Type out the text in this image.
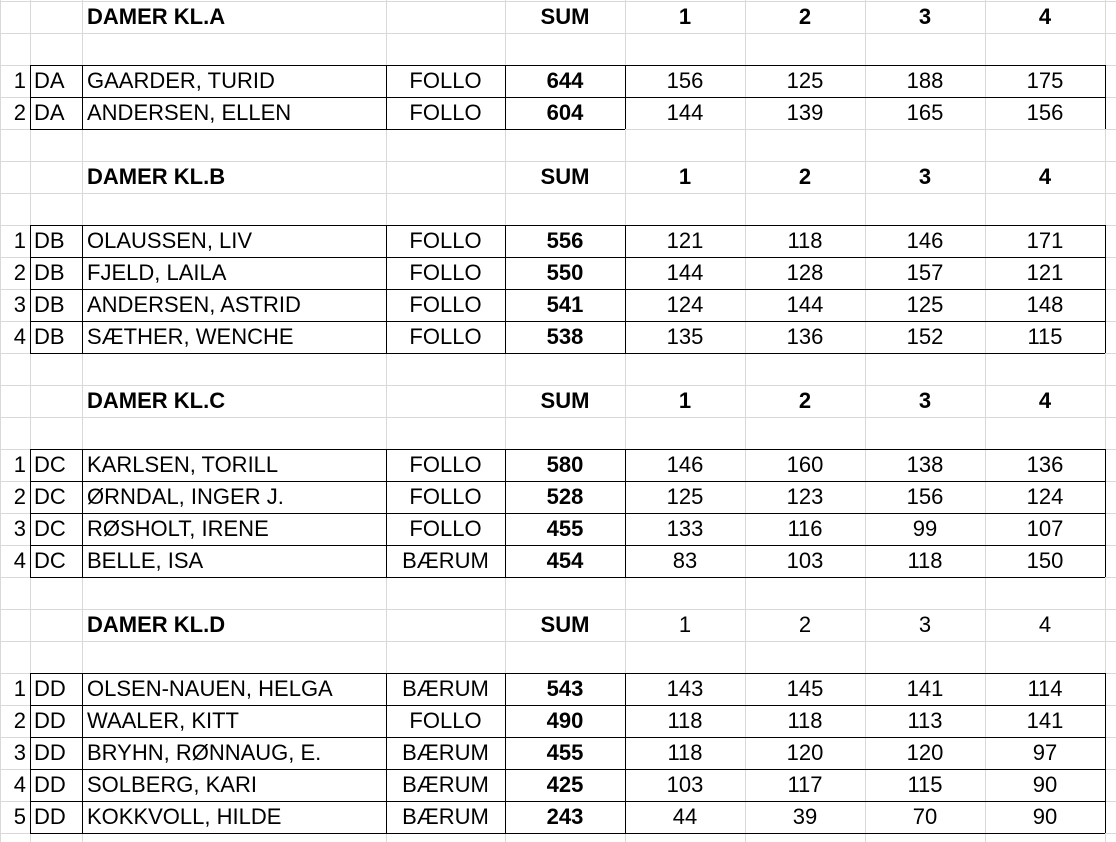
DAMER KL.A	SUM	1	2	3	4
1 DA	GAARDER, TURID	FOLLO	644	156	125	188	175
2 DA	ANDERSEN, ELLEN	FOLLO	604	144	139	165	156
DAMER KL.B	SUM	1	2	3	4
1 DB	OLAUSSEN, LIV	FOLLO	556	121	118	146	171
2 DB	FJELD, LAILA	FOLLO	550	144	128	157	121
3 DB	ANDERSEN, ASTRID	FOLLO	541	124	144	125	148
4 DB	SÆTHER, WENCHE	FOLLO	538	135	136	152	115
DAMER KL.C	SUM	1	2	3	4
1 DC KARLSEN, TORILL	FOLLO	580	146	160	138	136
2 DC ØRNDAL, INGER J.	FOLLO	528	125	123	156	124
3 DC RØSHOLT, IRENE	FOLLO	455	133	116	99	107
4 DC BELLE, ISA	BÆRUM	454	83	103	118	150
DAMER KL.D	SUM	1	2	3	4
1 DD OLSEN-NAUEN, HELGA	BÆRUM	543	143	145	141	114
2 DD WAALER, KITT	FOLLO	490	118	118	113	141
3 DD BRYHN, RØNNAUG, E.	BÆRUM	455	118	120	120	97
4 DD SOLBERG, KARI	BÆRUM	425	103	117	115	90
5 DD KOKKVOLL, HILDE	BÆRUM	243	44	39	70	90
